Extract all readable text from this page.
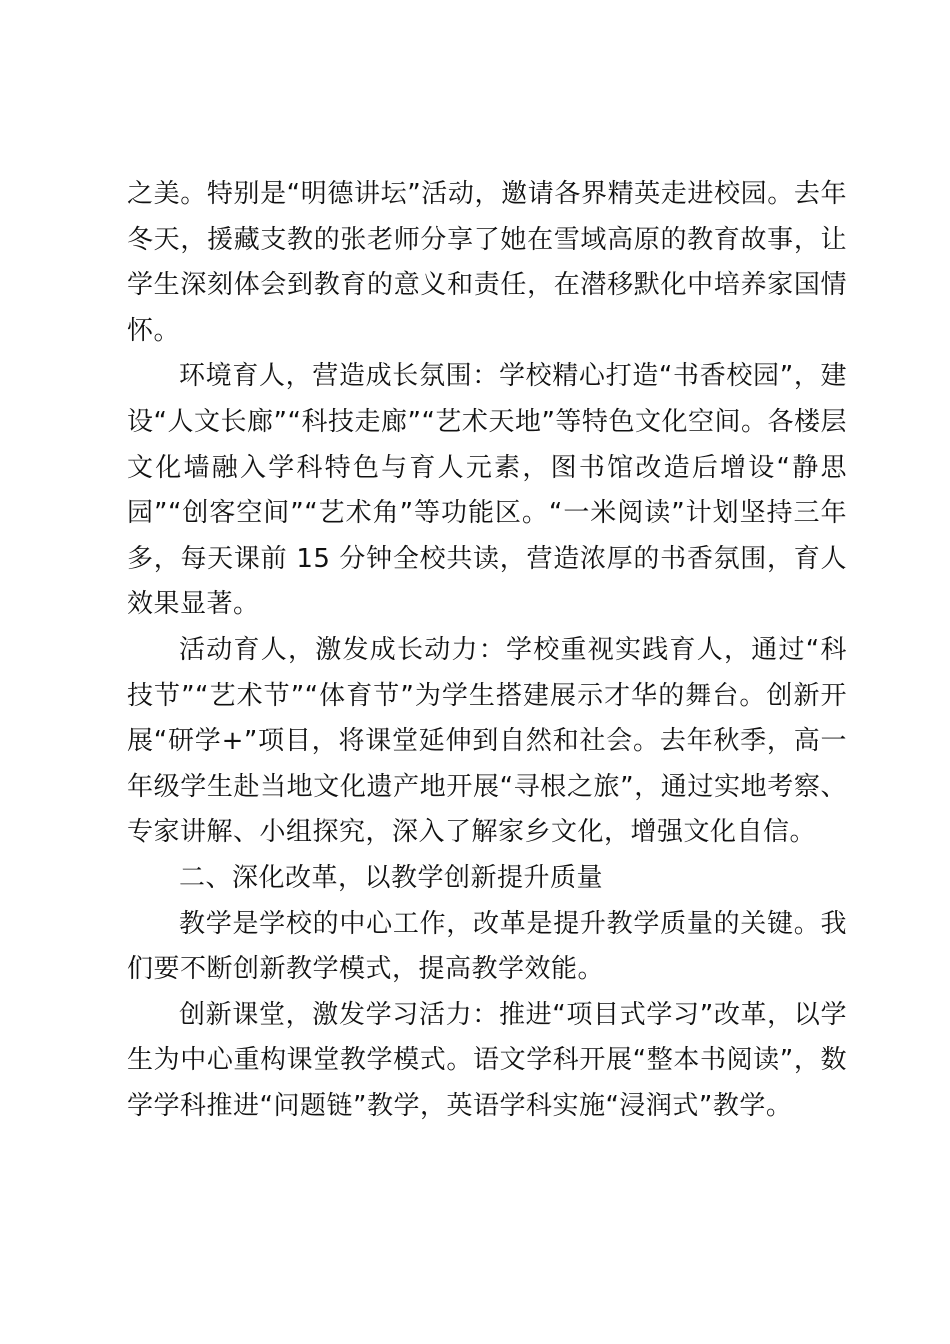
之美。特别是“明德讲坛”活动，邀请各界精英走进校园。去年冬天，援藏支教的张老师分享了她在雪域高原的教育故事，让学生深刻体会到教育的意义和责任，在潜移默化中培养家国情怀。

环境育人，营造成长氛围：学校精心打造“书香校园”，建设“人文长廊”“科技走廊”“艺术天地”等特色文化空间。各楼层文化墙融入学科特色与育人元素，图书馆改造后增设“静思园”“创客空间”“艺术角”等功能区。“一米阅读”计划坚持三年多，每天课前 15 分钟全校共读，营造浓厚的书香氛围，育人效果显著。

活动育人，激发成长动力：学校重视实践育人，通过“科技节”“艺术节”“体育节”为学生搭建展示才华的舞台。创新开展“研学+”项目，将课堂延伸到自然和社会。去年秋季，高一年级学生赴当地文化遗产地开展“寻根之旅”，通过实地考察、专家讲解、小组探究，深入了解家乡文化，增强文化自信。

二、深化改革，以教学创新提升质量

教学是学校的中心工作，改革是提升教学质量的关键。我们要不断创新教学模式，提高教学效能。

创新课堂，激发学习活力：推进“项目式学习”改革，以学生为中心重构课堂教学模式。语文学科开展“整本书阅读”，数学学科推进“问题链”教学，英语学科实施“浸润式”教学。
